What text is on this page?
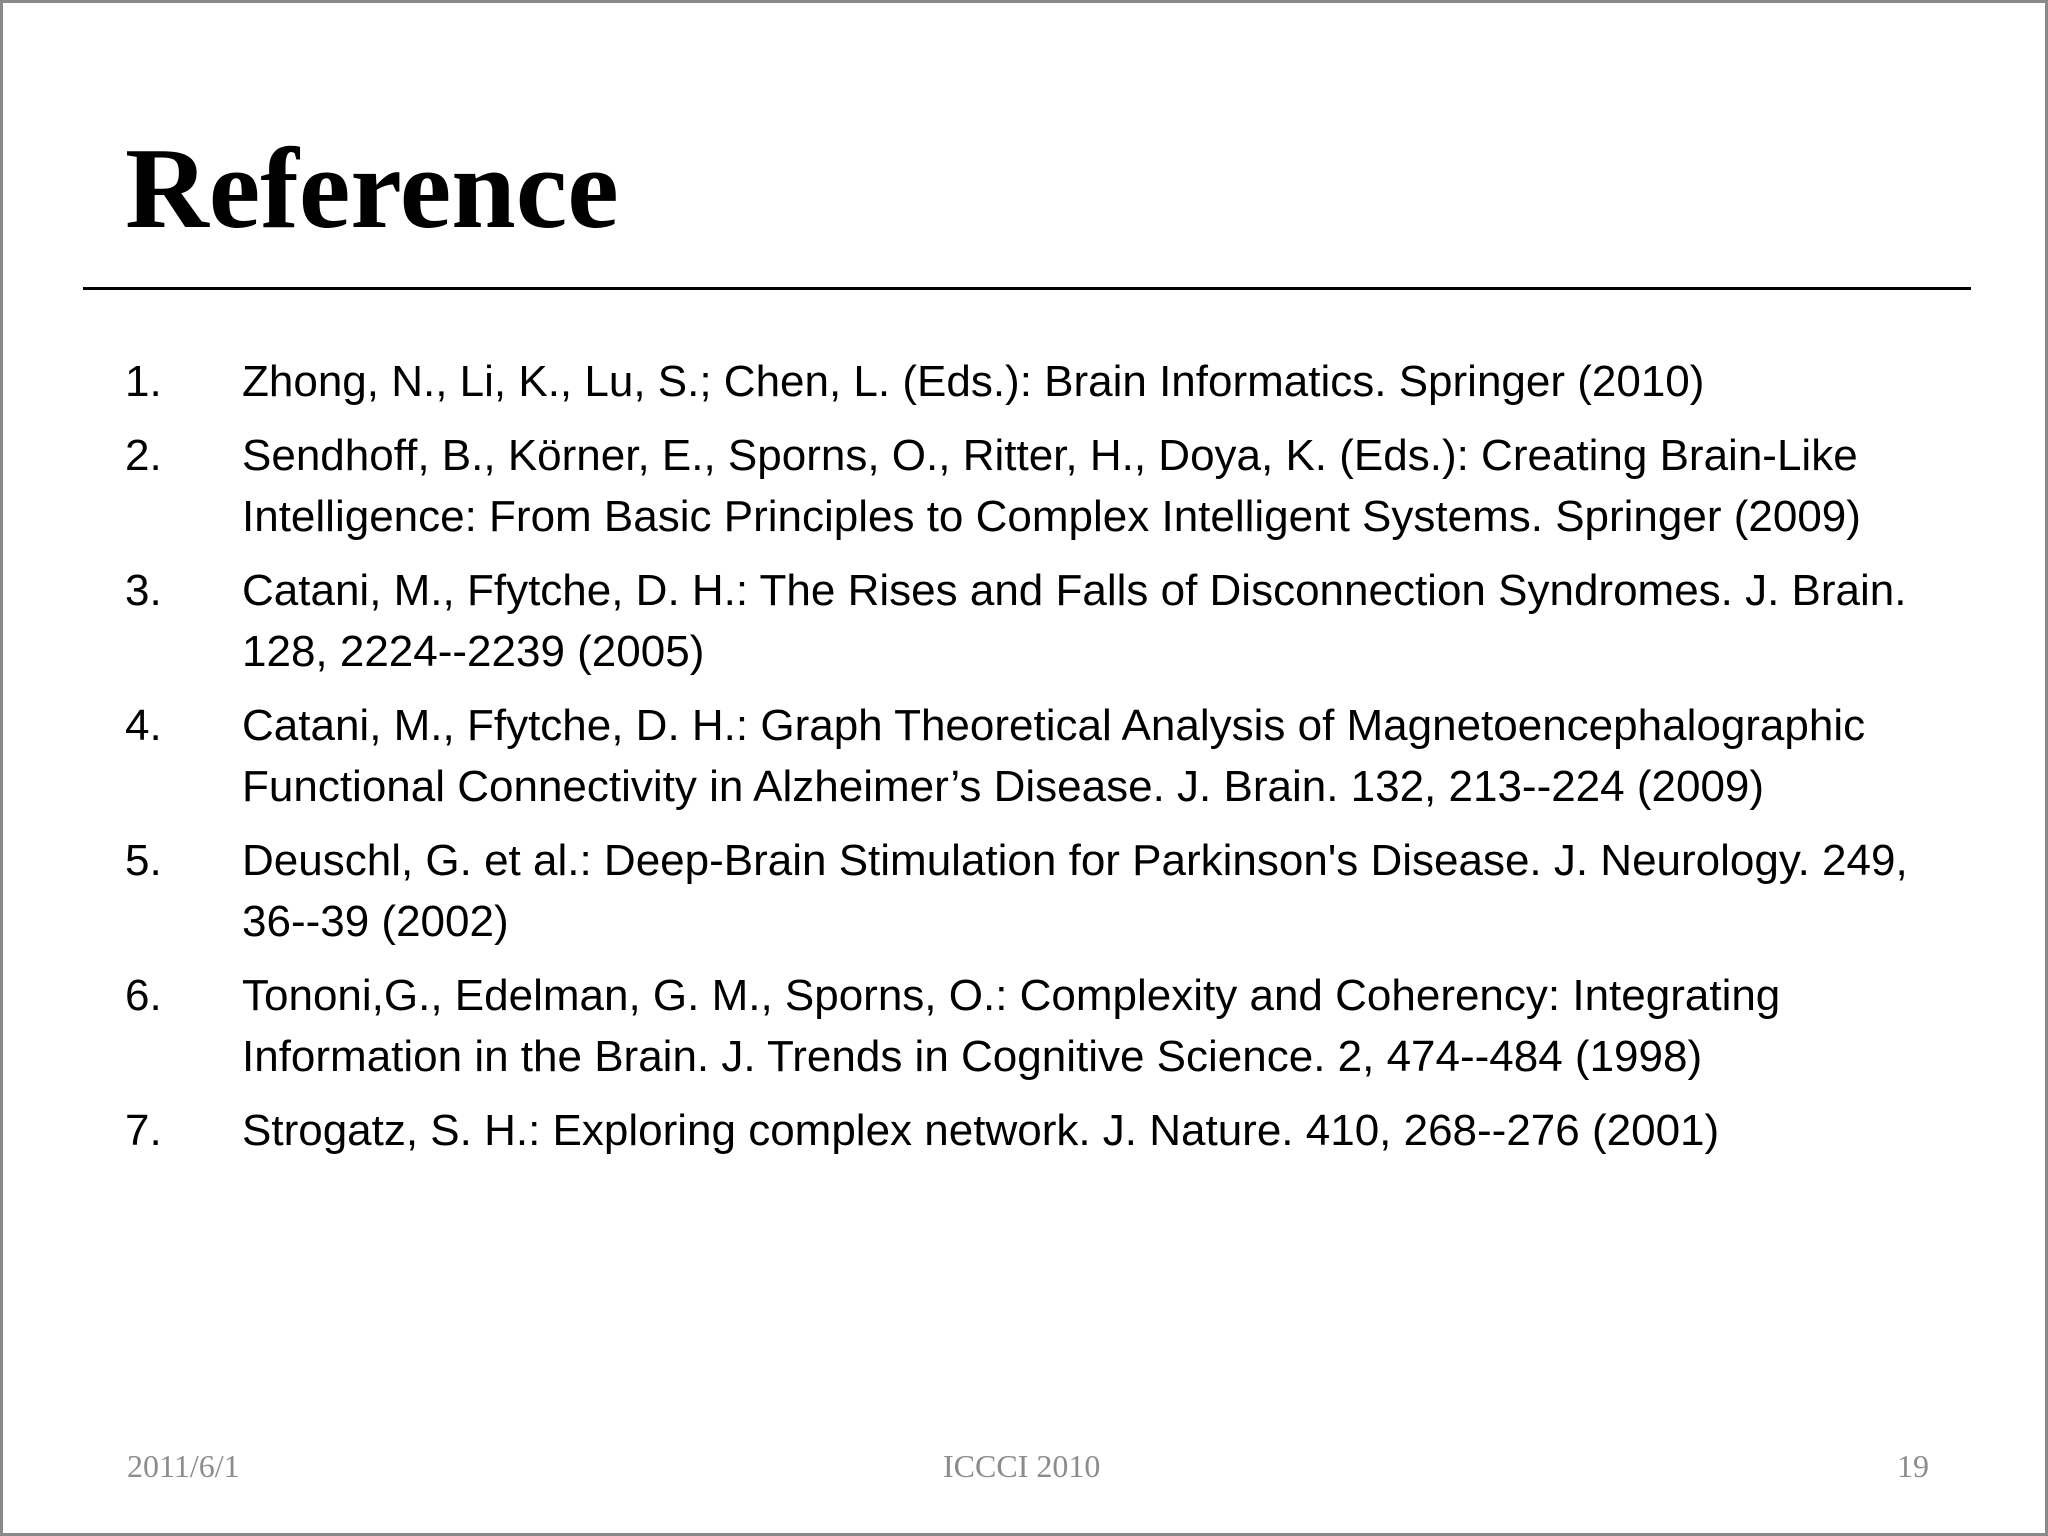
Reference
1.	Zhong, N., Li, K., Lu, S.; Chen, L. (Eds.): Brain Informatics. Springer (2010)
2.	Sendhoff, B., Körner, E., Sporns, O., Ritter, H., Doya, K. (Eds.): Creating Brain-Like Intelligence: From Basic Principles to Complex Intelligent Systems. Springer (2009)
3.	Catani, M., Ffytche, D. H.: The Rises and Falls of Disconnection Syndromes. J. Brain. 128, 2224--2239 (2005)
4.	Catani, M., Ffytche, D. H.: Graph Theoretical Analysis of Magnetoencephalographic Functional Connectivity in Alzheimer’s Disease. J. Brain. 132, 213--224 (2009)
5.	Deuschl, G. et al.: Deep-Brain Stimulation for Parkinson's Disease. J. Neurology. 249, 36--39 (2002)
6.	Tononi,G., Edelman, G. M., Sporns, O.: Complexity and Coherency: Integrating Information in the Brain. J. Trends in Cognitive Science. 2, 474--484 (1998)
7.	Strogatz, S. H.: Exploring complex network. J. Nature. 410, 268--276 (2001)
2011/6/1	ICCCI 2010	19
